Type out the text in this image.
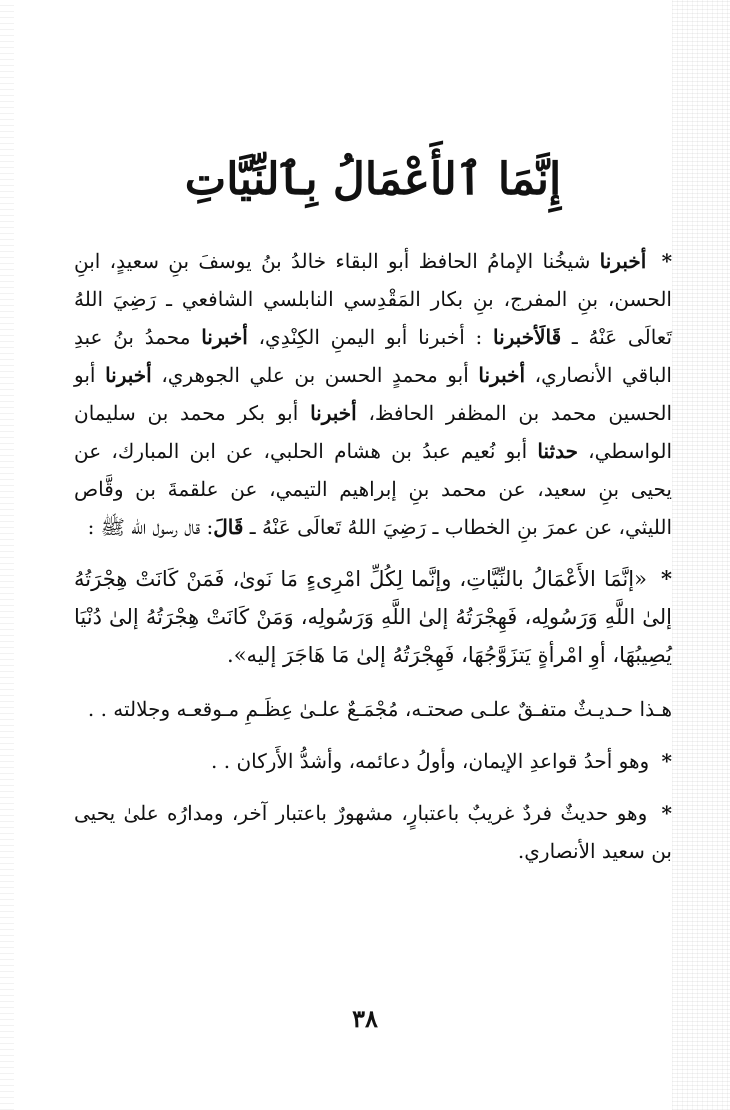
إِنَّمَا ٱلأَعْمَالُ بِٱلنِّيَّاتِ

* أخبرنا شيخُنا الإمامُ الحافظ أبو البقاء خالدُ بنُ يوسفَ بنِ سعيدٍ، ابنِ الحسن، بنِ المفرج، بنِ بكار المَقْدِسي النابلسي الشافعي ـ رَضِيَ اللهُ تَعالَى عَنْهُ ـ قَالَأخبرنا : أخبرنا أبو اليمنِ الكِنْدِي، أخبرنا محمدُ بنُ عبدِ الباقي الأنصاري، أخبرنا أبو محمدٍ الحسن بن علي الجوهري، أخبرنا أبو الحسين محمد بن المظفر الحافظ، أخبرنا أبو بكر محمد بن سليمان الواسطي، حدثنا أبو نُعيم عبدُ بن هشام الحلبي، عن ابن المبارك، عن يحيى بنِ سعيد، عن محمد بنِ إبراهيم التيمي، عن علقمةَ بن وقَّاص الليثي، عن عمرَ بنِ الخطاب ـ رَضِيَ اللهُ تَعالَى عَنْهُ ـ قَالَ: قال رسول الله ﷺ :

* «إنَّمَا الأَعْمَالُ بالنِّيَّاتِ، وإنَّما لِكُلِّ امْرِىءٍ مَا نَوىٰ، فَمَنْ كَانَتْ هِجْرَتُهُ إلىٰ اللَّهِ وَرَسُولِه، فَهِجْرَتُهُ إلىٰ اللَّهِ وَرَسُولِه، وَمَنْ كَانَتْ هِجْرَتُهُ إلىٰ دُنْيَا يُصِيبُهَا، أوِ امْرأةٍ يَتزَوَّجُهَا، فَهِجْرَتُهُ إلىٰ مَا هَاجَرَ إليه».

هـذا حـديـثٌ متفـقٌ علـى صحتـه، مُجْمَـعٌ علـىٰ عِظَـمِ مـوقعـه وجلالته . .

* وهو أحدُ قواعدِ الإيمان، وأولُ دعائمه، وأشدُّ الأَركان . .

* وهو حديثٌ فردٌ غريبٌ باعتبارٍ، مشهورٌ باعتبار آخر، ومدارُه علىٰ يحيى بن سعيد الأنصاري.

٣٨
